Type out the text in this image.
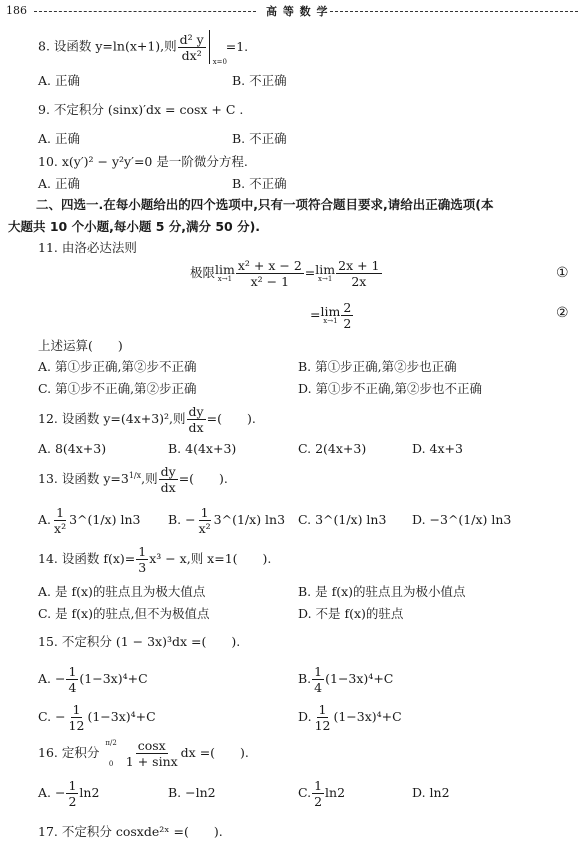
186	高 等 数 学
8. 设函数 y=ln(x+1),则 $\frac{\text{d² y}}{\text{dx²}} x=0$
=1.
A. 正确	B. 不正确
9. 不定积分 (sinx)′dx = cosx + C .
A. 正确	B. 不正确
10. x(y′)² − y²y′=0 是一阶微分方程.
A. 正确	B. 不正确
二、四选一.在每小题给出的四个选项中,只有一项符合题目要求,请给出正确选项(本
大题共 10 个小题,每小题 5 分,满分 50 分).
11. 由洛必达法则
极限 lim
$x\to 1 \frac{\text{x² + x − 2}}{\text{x² − 1}} = \lim$
$x\to 1 \frac{2x + 1}{2x}$	①
= lim
$x\to 1 \frac{2}{2}$	②
上述运算(　　)
A. 第①步正确,第②步不正确	B. 第①步正确,第②步也正确
C. 第①步不正确,第②步正确	D. 第①步不正确,第②步也不正确
12. 设函数 y=(4x+3)²,则 $\frac{dy}{dx}$ =(　　).
A. 8(4x+3)	B. 4(4x+3)	C. 2(4x+3)	D. 4x+3
13. 设函数 $y=3^{1/x}$,则 $\frac{dy}{dx}$ =(　　).
A. $\frac{1}{\text{x²}}$ 3^(1/x) ln3 B. − $\frac{1}{\text{x²}}$ 3^(1/x) ln3 C. 3^(1/x) ln3 D. −3^(1/x) ln3
14. 设函数 $f(x)= \frac{1}{3} x^3 - x$,则 x=1(　　).
A. 是 f(x)的驻点且为极大值点	B. 是 f(x)的驻点且为极小值点
C. 是 f(x)的驻点,但不为极值点	D. 不是 f(x)的驻点
15. 不定积分 (1 − 3x)³dx =(　　).
A. − $\frac{1}{4} (1-3x)^4+C$	B. $\frac{1}{4} (1-3x)^4+C$
C. − $\frac{1}{12} (1-3x)^4+C$	D. $\frac{1}{12} (1-3x)^4+C$
16. 定积分
π/2
$0 \frac{\cos x}{1 + \sin x}$ dx =(　　).
A. − $\frac{1}{2} \ln 2$	B. −ln2	C. $\frac{1}{2} \ln 2$	D. ln2
17. 不定积分 cosxde²ˣ =(　　).
